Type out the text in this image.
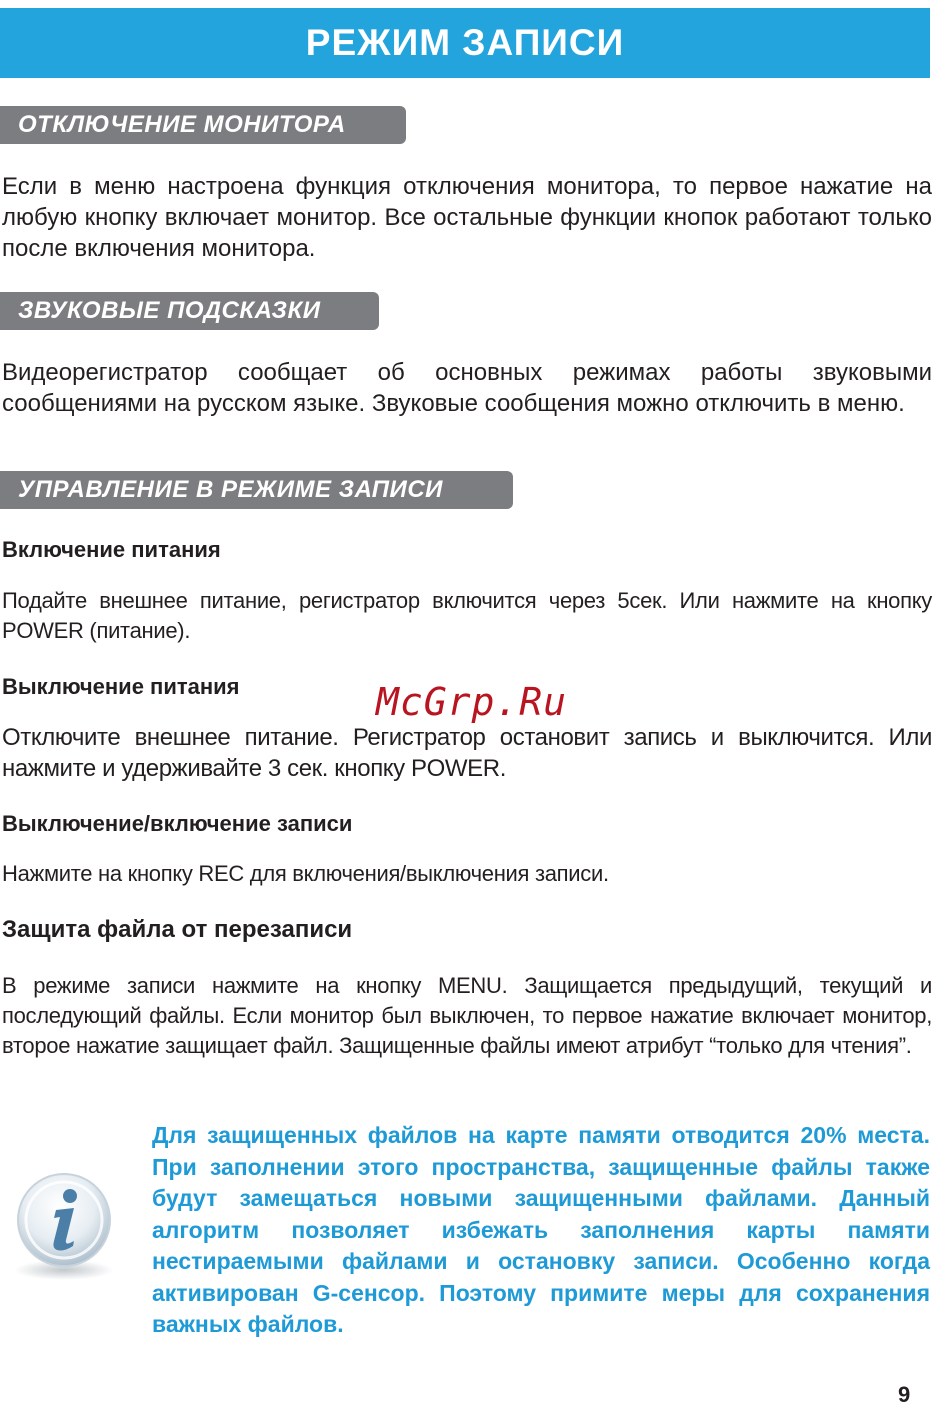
РЕЖИМ ЗАПИСИ
ОТКЛЮЧЕНИЕ МОНИТОРА

Если в меню настроена функция отключения монитора, то первое нажатие на любую кнопку включает монитор. Все остальные функции кнопок работают только после включения монитора.

ЗВУКОВЫЕ ПОДСКАЗКИ

Видеорегистратор сообщает об основных режимах работы звуковыми сообщениями на русском языке. Звуковые сообщения можно отключить в меню.

УПРАВЛЕНИЕ В РЕЖИМЕ ЗАПИСИ
Включение питания

Подайте внешнее питание, регистратор включится через 5сек. Или нажмите на кнопку POWER (питание).

Выключение питания

Отключите внешнее питание. Регистратор остановит запись и выключится. Или нажмите и удерживайте 3 сек. кнопку POWER.

Выключение/включение записи

Нажмите на кнопку REC для включения/выключения записи.

Защита файла от перезаписи

В режиме записи нажмите на кнопку MENU. Защищается предыдущий, текущий и последующий файлы. Если монитор был выключен, то первое нажатие включает монитор, второе нажатие защищает файл. Защищенные файлы имеют атрибут “только для чтения”.

McGrp.Ru

Для защищенных файлов на карте памяти отводится 20% места. При заполнении этого пространства, защищенные файлы также будут замещаться новыми защищенными файлами. Данный алгоритм позволяет избежать заполнения карты памяти нестираемыми файлами и остановку записи. Особенно когда активирован G-сенсор. Поэтому примите меры для сохранения важных файлов.

9
